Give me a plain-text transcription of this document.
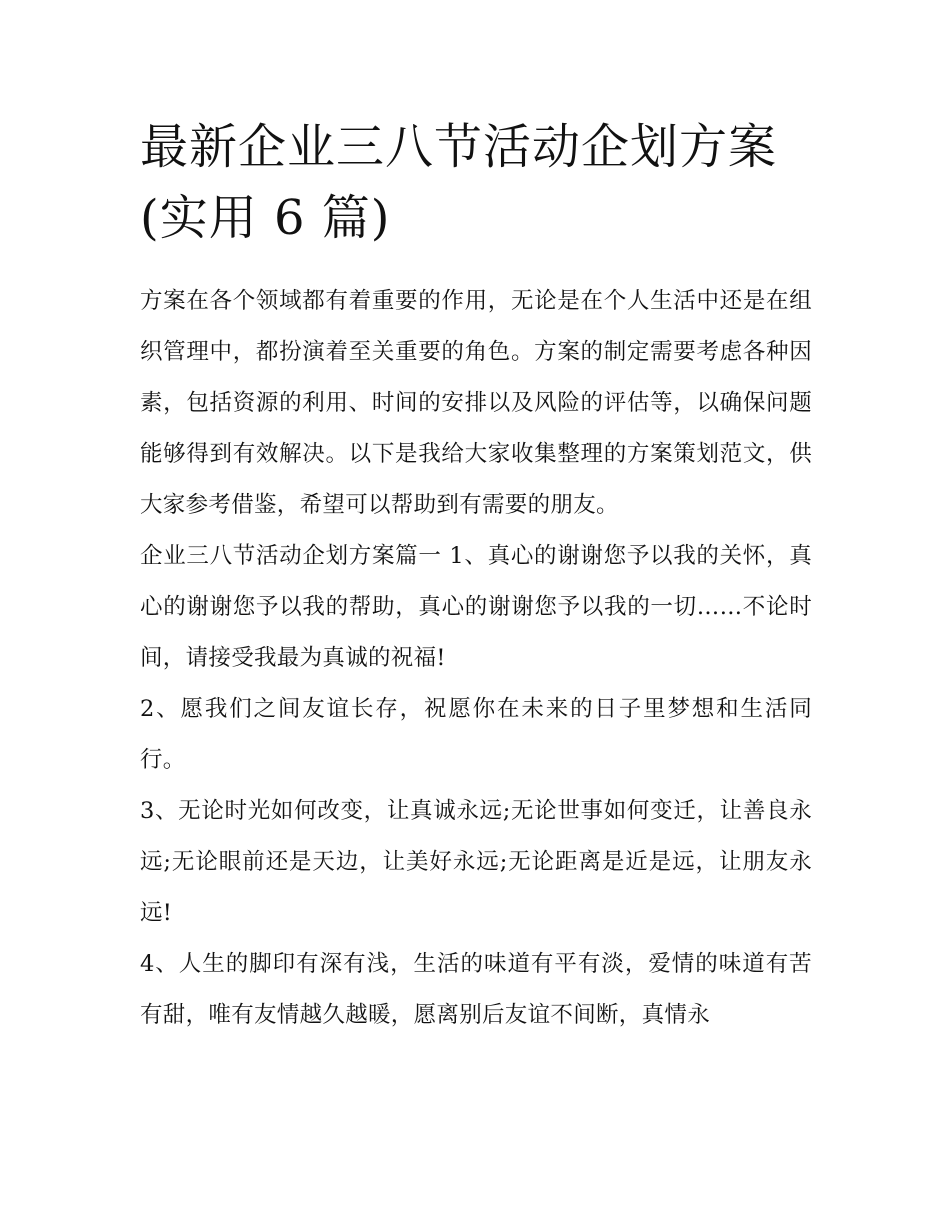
最新企业三八节活动企划方案
(实用 6 篇)

方案在各个领域都有着重要的作用，无论是在个人生活中还是在组织管理中，都扮演着至关重要的角色。方案的制定需要考虑各种因素，包括资源的利用、时间的安排以及风险的评估等，以确保问题能够得到有效解决。以下是我给大家收集整理的方案策划范文，供大家参考借鉴，希望可以帮助到有需要的朋友。

企业三八节活动企划方案篇一 1、真心的谢谢您予以我的关怀，真心的谢谢您予以我的帮助，真心的谢谢您予以我的一切……不论时间，请接受我最为真诚的祝福!

2、愿我们之间友谊长存，祝愿你在未来的日子里梦想和生活同行。

3、无论时光如何改变，让真诚永远;无论世事如何变迁，让善良永远;无论眼前还是天边，让美好永远;无论距离是近是远，让朋友永远!

4、人生的脚印有深有浅，生活的味道有平有淡，爱情的味道有苦有甜，唯有友情越久越暖，愿离别后友谊不间断，真情永
